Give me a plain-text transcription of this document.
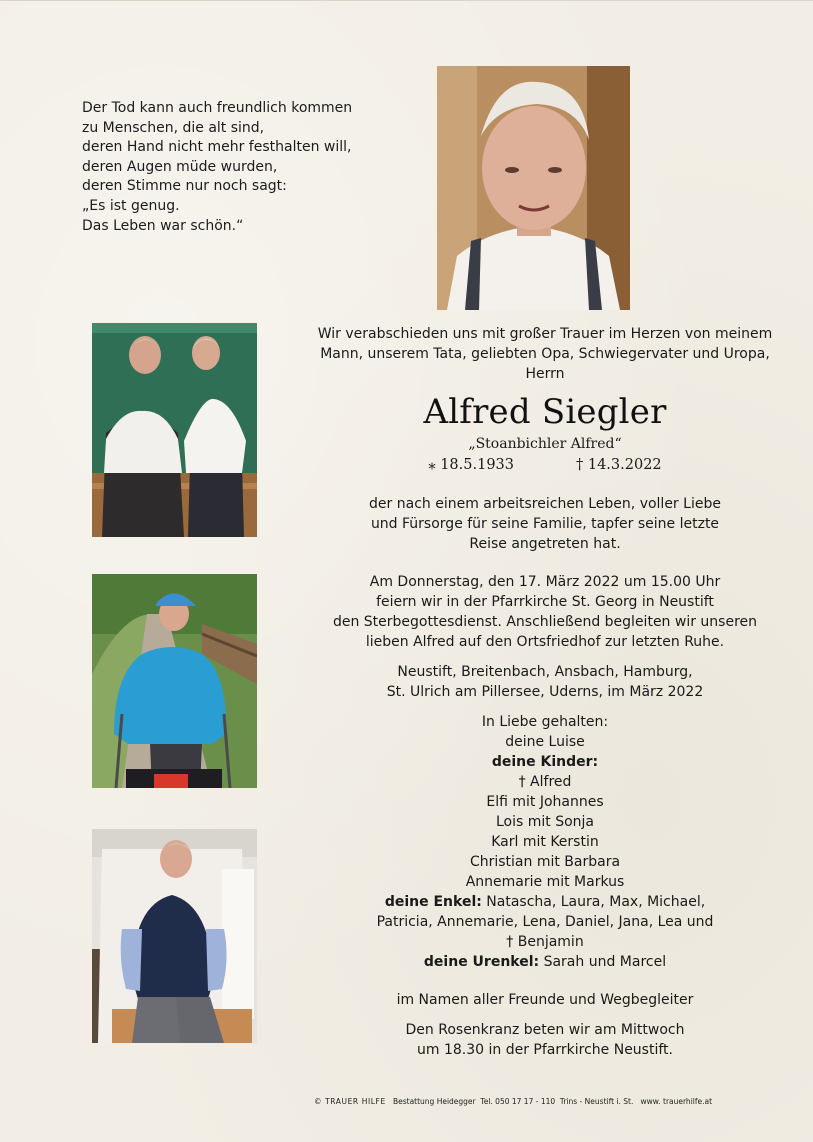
Der Tod kann auch freundlich kommen
zu Menschen, die alt sind,
deren Hand nicht mehr festhalten will,
deren Augen müde wurden,
deren Stimme nur noch sagt:
„Es ist genug.
Das Leben war schön.“
Wir verabschieden uns mit großer Trauer im Herzen von meinem
Mann, unserem Tata, geliebten Opa, Schwiegervater und Uropa,
Herrn
Alfred Siegler
„Stoanbichler Alfred“
⁎ 18.5.1933	† 14.3.2022
der nach einem arbeitsreichen Leben, voller Liebe
und Fürsorge für seine Familie, tapfer seine letzte
Reise angetreten hat.
Am Donnerstag, den 17. März 2022 um 15.00 Uhr
feiern wir in der Pfarrkirche St. Georg in Neustift
den Sterbegottesdienst. Anschließend begleiten wir unseren
lieben Alfred auf den Ortsfriedhof zur letzten Ruhe.
Neustift, Breitenbach, Ansbach, Hamburg,
St. Ulrich am Pillersee, Uderns, im März 2022
In Liebe gehalten:
deine Luise
deine Kinder:
† Alfred
Elfi mit Johannes
Lois mit Sonja
Karl mit Kerstin
Christian mit Barbara
Annemarie mit Markus
deine Enkel: Natascha, Laura, Max, Michael,
Patricia, Annemarie, Lena, Daniel, Jana, Lea und
† Benjamin
deine Urenkel: Sarah und Marcel
im Namen aller Freunde und Wegbegleiter
Den Rosenkranz beten wir am Mittwoch
um 18.30 in der Pfarrkirche Neustift.
© TRAUER HILFE   Bestattung Heidegger  Tel. 050 17 17 - 110  Trins - Neustift i. St.   www. trauerhilfe.at
